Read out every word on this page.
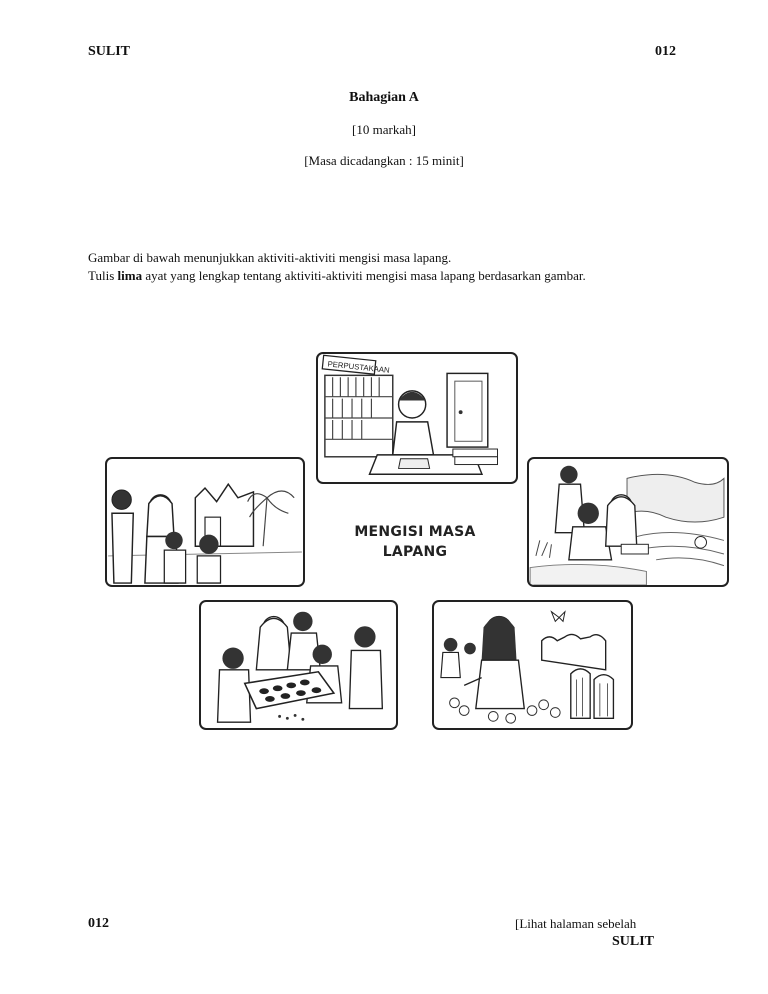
SULIT	012
Bahagian A
[10 markah]
[Masa dicadangkan : 15 minit]
Gambar di bawah menunjukkan aktiviti-aktiviti mengisi masa lapang.
Tulis lima ayat yang lengkap tentang aktiviti-aktiviti mengisi masa lapang berdasarkan gambar.
PERPUSTAKAAN
MENGISI MASA
LAPANG
012	[Lihat halaman sebelah
SULIT
